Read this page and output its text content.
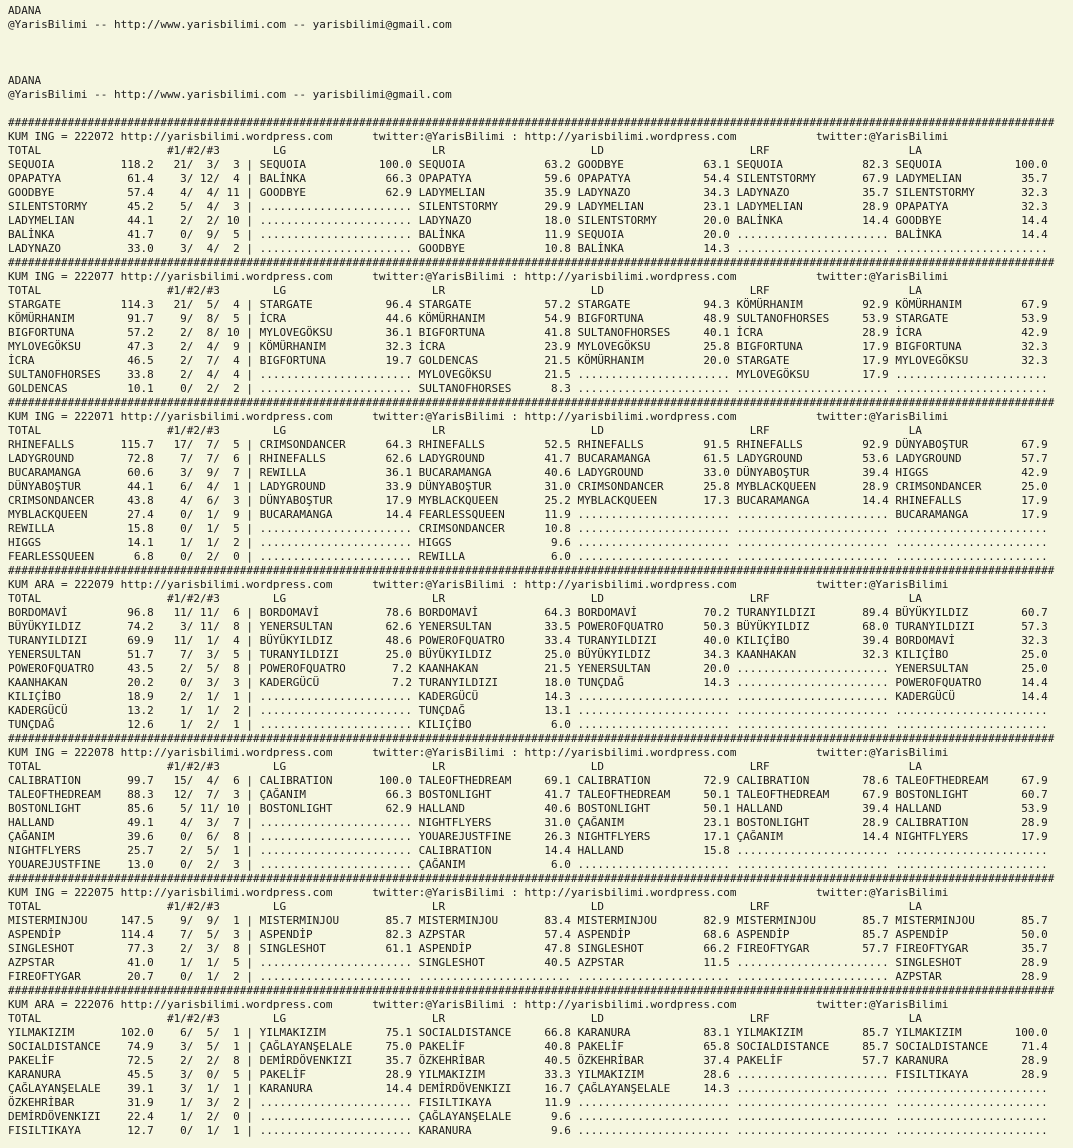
ADANA
@YarisBilimi -- http://www.yarisbilimi.com -- yarisbilimi@gmail.com
ADANA
@YarisBilimi -- http://www.yarisbilimi.com -- yarisbilimi@gmail.com
##############################################################################################################################################################
KUM ING = 222072 http://yarisbilimi.wordpress.com      twitter:@YarisBilimi : http://yarisbilimi.wordpress.com            twitter:@YarisBilimi
TOTAL                   #1/#2/#3        LG                      LR                      LD                      LRF                     LA
SEQUOIA          118.2   21/  3/  3 | SEQUOIA           100.0 SEQUOIA            63.2 GOODBYE            63.1 SEQUOIA            82.3 SEQUOIA           100.0
OPAPATYA          61.4    3/ 12/  4 | BALİNKA            66.3 OPAPATYA           59.6 OPAPATYA           54.4 SILENTSTORMY       67.9 LADYMELIAN         35.7
GOODBYE           57.4    4/  4/ 11 | GOODBYE            62.9 LADYMELIAN         35.9 LADYNAZO           34.3 LADYNAZO           35.7 SILENTSTORMY       32.3
SILENTSTORMY      45.2    5/  4/  3 | ....................... SILENTSTORMY       29.9 LADYMELIAN         23.1 LADYMELIAN         28.9 OPAPATYA           32.3
LADYMELIAN        44.1    2/  2/ 10 | ....................... LADYNAZO           18.0 SILENTSTORMY       20.0 BALİNKA            14.4 GOODBYE            14.4
BALİNKA           41.7    0/  9/  5 | ....................... BALİNKA            11.9 SEQUOIA            20.0 ....................... BALİNKA            14.4
LADYNAZO          33.0    3/  4/  2 | ....................... GOODBYE            10.8 BALİNKA            14.3 ....................... .......................
##############################################################################################################################################################
KUM ING = 222077 http://yarisbilimi.wordpress.com      twitter:@YarisBilimi : http://yarisbilimi.wordpress.com            twitter:@YarisBilimi
TOTAL                   #1/#2/#3        LG                      LR                      LD                      LRF                     LA
STARGATE         114.3   21/  5/  4 | STARGATE           96.4 STARGATE           57.2 STARGATE           94.3 KÖMÜRHANIM         92.9 KÖMÜRHANIM         67.9
KÖMÜRHANIM        91.7    9/  8/  5 | İCRA               44.6 KÖMÜRHANIM         54.9 BIGFORTUNA         48.9 SULTANOFHORSES     53.9 STARGATE           53.9
BIGFORTUNA        57.2    2/  8/ 10 | MYLOVEGÖKSU        36.1 BIGFORTUNA         41.8 SULTANOFHORSES     40.1 İCRA               28.9 İCRA               42.9
MYLOVEGÖKSU       47.3    2/  4/  9 | KÖMÜRHANIM         32.3 İCRA               23.9 MYLOVEGÖKSU        25.8 BIGFORTUNA         17.9 BIGFORTUNA         32.3
İCRA              46.5    2/  7/  4 | BIGFORTUNA         19.7 GOLDENCAS          21.5 KÖMÜRHANIM         20.0 STARGATE           17.9 MYLOVEGÖKSU        32.3
SULTANOFHORSES    33.8    2/  4/  4 | ....................... MYLOVEGÖKSU        21.5 ....................... MYLOVEGÖKSU        17.9 .......................
GOLDENCAS         10.1    0/  2/  2 | ....................... SULTANOFHORSES      8.3 ....................... ....................... .......................
##############################################################################################################################################################
KUM ING = 222071 http://yarisbilimi.wordpress.com      twitter:@YarisBilimi : http://yarisbilimi.wordpress.com            twitter:@YarisBilimi
TOTAL                   #1/#2/#3        LG                      LR                      LD                      LRF                     LA
RHINEFALLS       115.7   17/  7/  5 | CRIMSONDANCER      64.3 RHINEFALLS         52.5 RHINEFALLS         91.5 RHINEFALLS         92.9 DÜNYABOŞTUR        67.9
LADYGROUND        72.8    7/  7/  6 | RHINEFALLS         62.6 LADYGROUND         41.7 BUCARAMANGA        61.5 LADYGROUND         53.6 LADYGROUND         57.7
BUCARAMANGA       60.6    3/  9/  7 | REWILLA            36.1 BUCARAMANGA        40.6 LADYGROUND         33.0 DÜNYABOŞTUR        39.4 HIGGS              42.9
DÜNYABOŞTUR       44.1    6/  4/  1 | LADYGROUND         33.9 DÜNYABOŞTUR        31.0 CRIMSONDANCER      25.8 MYBLACKQUEEN       28.9 CRIMSONDANCER      25.0
CRIMSONDANCER     43.8    4/  6/  3 | DÜNYABOŞTUR        17.9 MYBLACKQUEEN       25.2 MYBLACKQUEEN       17.3 BUCARAMANGA        14.4 RHINEFALLS         17.9
MYBLACKQUEEN      27.4    0/  1/  9 | BUCARAMANGA        14.4 FEARLESSQUEEN      11.9 ....................... ....................... BUCARAMANGA        17.9
REWILLA           15.8    0/  1/  5 | ....................... CRIMSONDANCER      10.8 ....................... ....................... .......................
HIGGS             14.1    1/  1/  2 | ....................... HIGGS               9.6 ....................... ....................... .......................
FEARLESSQUEEN      6.8    0/  2/  0 | ....................... REWILLA             6.0 ....................... ....................... .......................
##############################################################################################################################################################
KUM ARA = 222079 http://yarisbilimi.wordpress.com      twitter:@YarisBilimi : http://yarisbilimi.wordpress.com            twitter:@YarisBilimi
TOTAL                   #1/#2/#3        LG                      LR                      LD                      LRF                     LA
BORDOMAVİ         96.8   11/ 11/  6 | BORDOMAVİ          78.6 BORDOMAVİ          64.3 BORDOMAVİ          70.2 TURANYILDIZI       89.4 BÜYÜKYILDIZ        60.7
BÜYÜKYILDIZ       74.2    3/ 11/  8 | YENERSULTAN        62.6 YENERSULTAN        33.5 POWEROFQUATRO      50.3 BÜYÜKYILDIZ        68.0 TURANYILDIZI       57.3
TURANYILDIZI      69.9   11/  1/  4 | BÜYÜKYILDIZ        48.6 POWEROFQUATRO      33.4 TURANYILDIZI       40.0 KILIÇİBO           39.4 BORDOMAVİ          32.3
YENERSULTAN       51.7    7/  3/  5 | TURANYILDIZI       25.0 BÜYÜKYILDIZ        25.0 BÜYÜKYILDIZ        34.3 KAANHAKAN          32.3 KILIÇİBO           25.0
POWEROFQUATRO     43.5    2/  5/  8 | POWEROFQUATRO       7.2 KAANHAKAN          21.5 YENERSULTAN        20.0 ....................... YENERSULTAN        25.0
KAANHAKAN         20.2    0/  3/  3 | KADERGÜCÜ           7.2 TURANYILDIZI       18.0 TUNÇDAĞ            14.3 ....................... POWEROFQUATRO      14.4
KILIÇİBO          18.9    2/  1/  1 | ....................... KADERGÜCÜ          14.3 ....................... ....................... KADERGÜCÜ          14.4
KADERGÜCÜ         13.2    1/  1/  2 | ....................... TUNÇDAĞ            13.1 ....................... ....................... .......................
TUNÇDAĞ           12.6    1/  2/  1 | ....................... KILIÇİBO            6.0 ....................... ....................... .......................
##############################################################################################################################################################
KUM ING = 222078 http://yarisbilimi.wordpress.com      twitter:@YarisBilimi : http://yarisbilimi.wordpress.com            twitter:@YarisBilimi
TOTAL                   #1/#2/#3        LG                      LR                      LD                      LRF                     LA
CALIBRATION       99.7   15/  4/  6 | CALIBRATION       100.0 TALEOFTHEDREAM     69.1 CALIBRATION        72.9 CALIBRATION        78.6 TALEOFTHEDREAM     67.9
TALEOFTHEDREAM    88.3   12/  7/  3 | ÇAĞANIM            66.3 BOSTONLIGHT        41.7 TALEOFTHEDREAM     50.1 TALEOFTHEDREAM     67.9 BOSTONLIGHT        60.7
BOSTONLIGHT       85.6    5/ 11/ 10 | BOSTONLIGHT        62.9 HALLAND            40.6 BOSTONLIGHT        50.1 HALLAND            39.4 HALLAND            53.9
HALLAND           49.1    4/  3/  7 | ....................... NIGHTFLYERS        31.0 ÇAĞANIM            23.1 BOSTONLIGHT        28.9 CALIBRATION        28.9
ÇAĞANIM           39.6    0/  6/  8 | ....................... YOUAREJUSTFINE     26.3 NIGHTFLYERS        17.1 ÇAĞANIM            14.4 NIGHTFLYERS        17.9
NIGHTFLYERS       25.7    2/  5/  1 | ....................... CALIBRATION        14.4 HALLAND            15.8 ....................... .......................
YOUAREJUSTFINE    13.0    0/  2/  3 | ....................... ÇAĞANIM             6.0 ....................... ....................... .......................
##############################################################################################################################################################
KUM ING = 222075 http://yarisbilimi.wordpress.com      twitter:@YarisBilimi : http://yarisbilimi.wordpress.com            twitter:@YarisBilimi
TOTAL                   #1/#2/#3        LG                      LR                      LD                      LRF                     LA
MISTERMINJOU     147.5    9/  9/  1 | MISTERMINJOU       85.7 MISTERMINJOU       83.4 MISTERMINJOU       82.9 MISTERMINJOU       85.7 MISTERMINJOU       85.7
ASPENDİP         114.4    7/  5/  3 | ASPENDİP           82.3 AZPSTAR            57.4 ASPENDİP           68.6 ASPENDİP           85.7 ASPENDİP           50.0
SINGLESHOT        77.3    2/  3/  8 | SINGLESHOT         61.1 ASPENDİP           47.8 SINGLESHOT         66.2 FIREOFTYGAR        57.7 FIREOFTYGAR        35.7
AZPSTAR           41.0    1/  1/  5 | ....................... SINGLESHOT         40.5 AZPSTAR            11.5 ....................... SINGLESHOT         28.9
FIREOFTYGAR       20.7    0/  1/  2 | ....................... ....................... ....................... ....................... AZPSTAR            28.9
##############################################################################################################################################################
KUM ARA = 222076 http://yarisbilimi.wordpress.com      twitter:@YarisBilimi : http://yarisbilimi.wordpress.com            twitter:@YarisBilimi
TOTAL                   #1/#2/#3        LG                      LR                      LD                      LRF                     LA
YILMAKIZIM       102.0    6/  5/  1 | YILMAKIZIM         75.1 SOCIALDISTANCE     66.8 KARANURA           83.1 YILMAKIZIM         85.7 YILMAKIZIM        100.0
SOCIALDISTANCE    74.9    3/  5/  1 | ÇAĞLAYANŞELALE     75.0 PAKELİF            40.8 PAKELİF            65.8 SOCIALDISTANCE     85.7 SOCIALDISTANCE     71.4
PAKELİF           72.5    2/  2/  8 | DEMİRDÖVENKIZI     35.7 ÖZKEHRİBAR         40.5 ÖZKEHRİBAR         37.4 PAKELİF            57.7 KARANURA           28.9
KARANURA          45.5    3/  0/  5 | PAKELİF            28.9 YILMAKIZIM         33.3 YILMAKIZIM         28.6 ....................... FISILTIKAYA        28.9
ÇAĞLAYANŞELALE    39.1    3/  1/  1 | KARANURA           14.4 DEMİRDÖVENKIZI     16.7 ÇAĞLAYANŞELALE     14.3 ....................... .......................
ÖZKEHRİBAR        31.9    1/  3/  2 | ....................... FISILTIKAYA        11.9 ....................... ....................... .......................
DEMİRDÖVENKIZI    22.4    1/  2/  0 | ....................... ÇAĞLAYANŞELALE      9.6 ....................... ....................... .......................
FISILTIKAYA       12.7    0/  1/  1 | ....................... KARANURA            9.6 ....................... ....................... .......................
